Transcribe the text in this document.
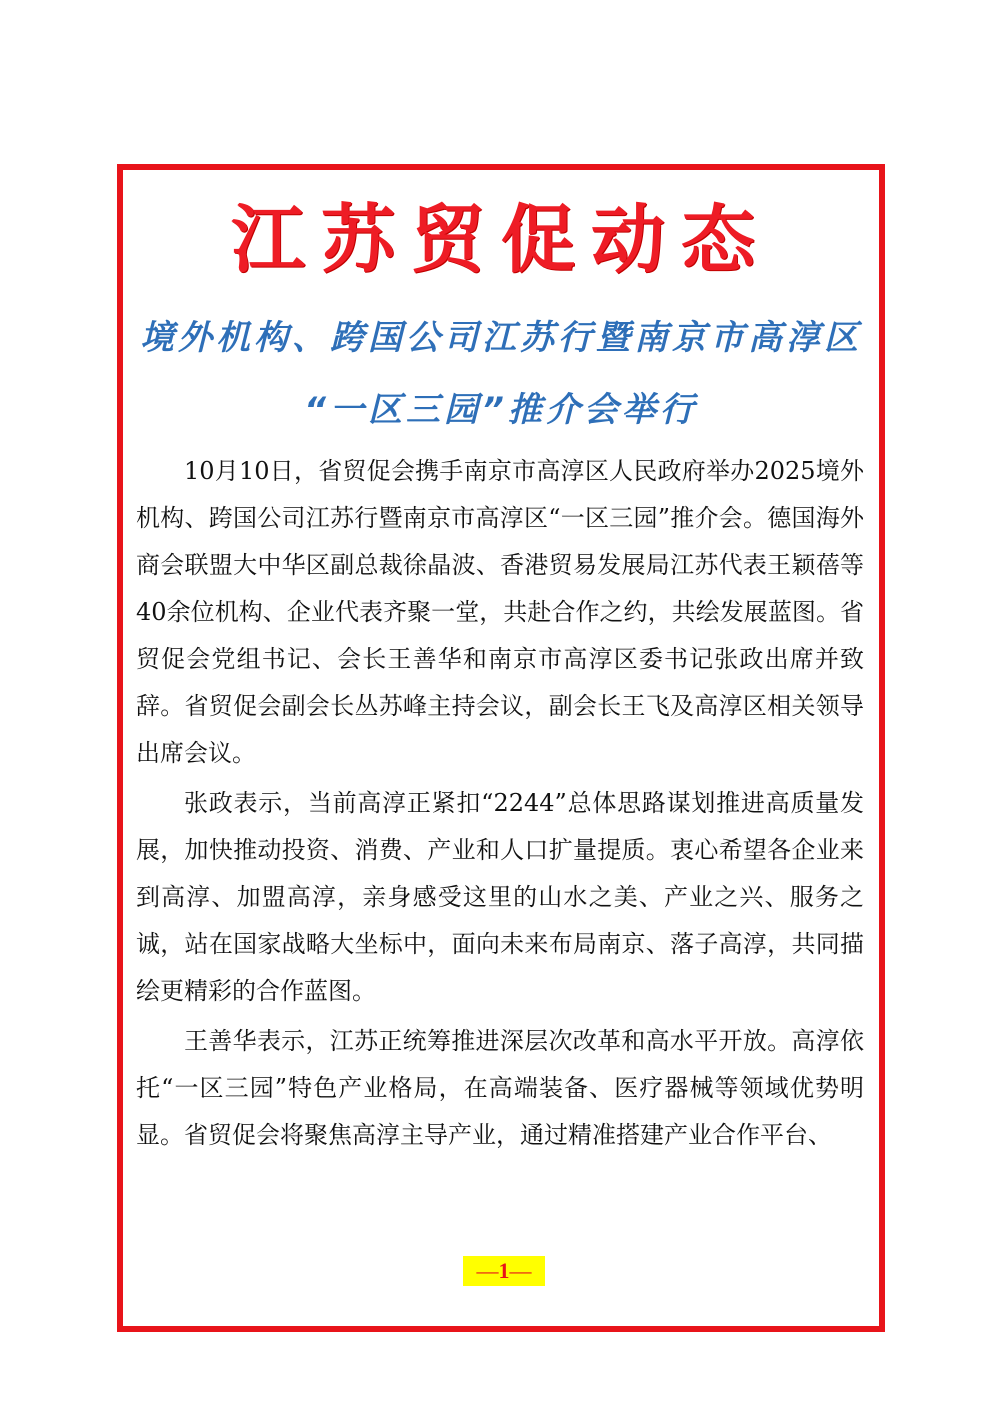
江苏贸促动态
境外机构、跨国公司江苏行暨南京市高淳区
“一区三园”推介会举行

10月10日，省贸促会携手南京市高淳区人民政府举办2025境外机构、跨国公司江苏行暨南京市高淳区“一区三园”推介会。德国海外商会联盟大中华区副总裁徐晶波、香港贸易发展局江苏代表王颖蓓等40余位机构、企业代表齐聚一堂，共赴合作之约，共绘发展蓝图。省贸促会党组书记、会长王善华和南京市高淳区委书记张政出席并致辞。省贸促会副会长丛苏峰主持会议，副会长王飞及高淳区相关领导出席会议。

张政表示，当前高淳正紧扣“2244”总体思路谋划推进高质量发展，加快推动投资、消费、产业和人口扩量提质。衷心希望各企业来到高淳、加盟高淳，亲身感受这里的山水之美、产业之兴、服务之诚，站在国家战略大坐标中，面向未来布局南京、落子高淳，共同描绘更精彩的合作蓝图。

王善华表示，江苏正统筹推进深层次改革和高水平开放。高淳依托“一区三园”特色产业格局，在高端装备、医疗器械等领域优势明显。省贸促会将聚焦高淳主导产业，通过精准搭建产业合作平台、

—1—
